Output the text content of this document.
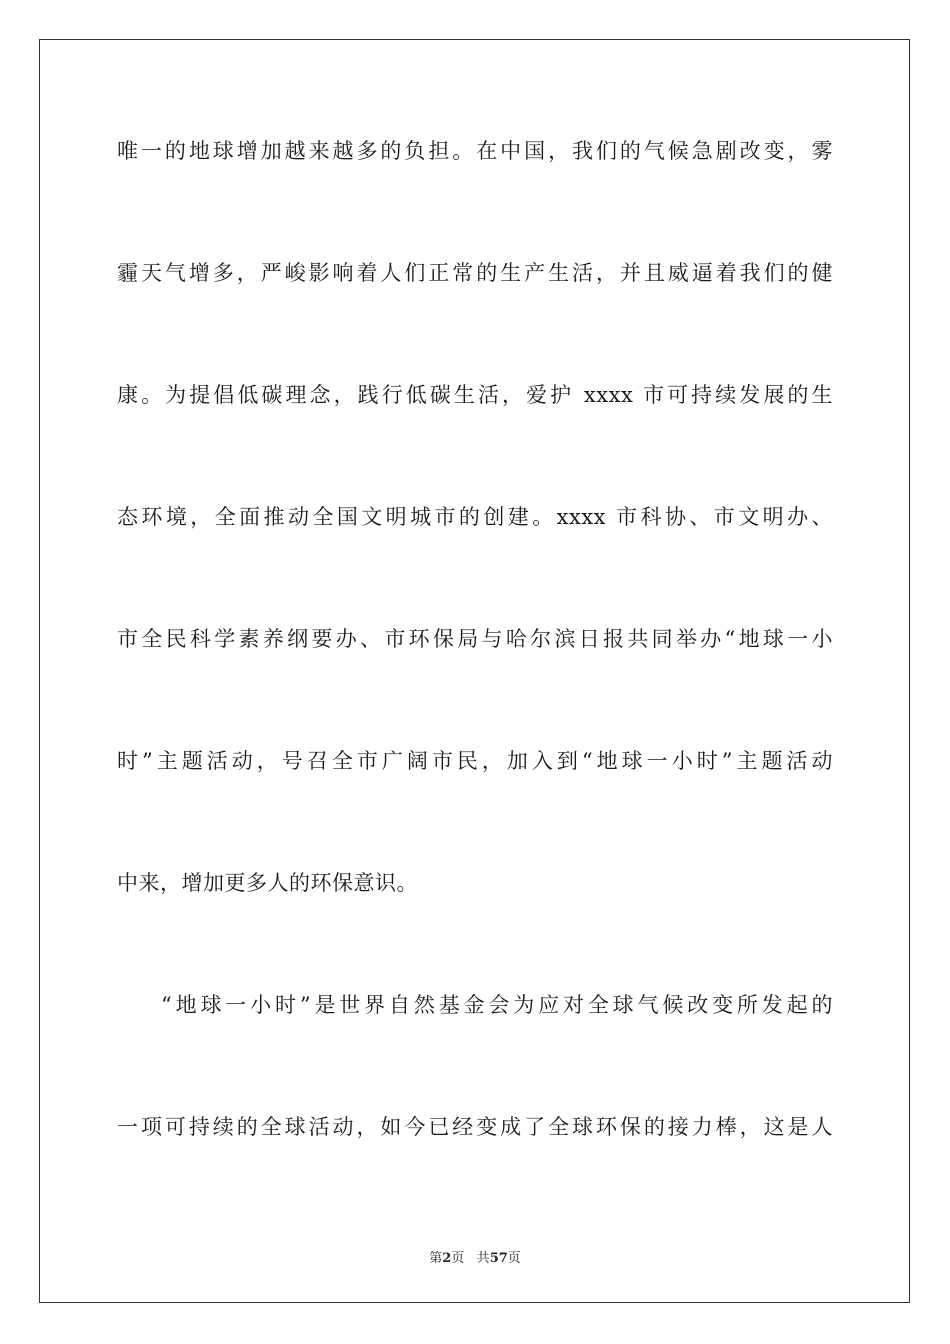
唯一的地球增加越来越多的负担。在中国，我们的气候急剧改变，雾
霾天气增多，严峻影响着人们正常的生产生活，并且威逼着我们的健
康。为提倡低碳理念，践行低碳生活，爱护 xxxx 市可持续发展的生
态环境，全面推动全国文明城市的创建。xxxx 市科协、市文明办、
市全民科学素养纲要办、市环保局与哈尔滨日报共同举办“地球一小
时”主题活动，号召全市广阔市民，加入到“地球一小时”主题活动
中来，增加更多人的环保意识。
“地球一小时”是世界自然基金会为应对全球气候改变所发起的
一项可持续的全球活动，如今已经变成了全球环保的接力棒，这是人
第2页 共57页
